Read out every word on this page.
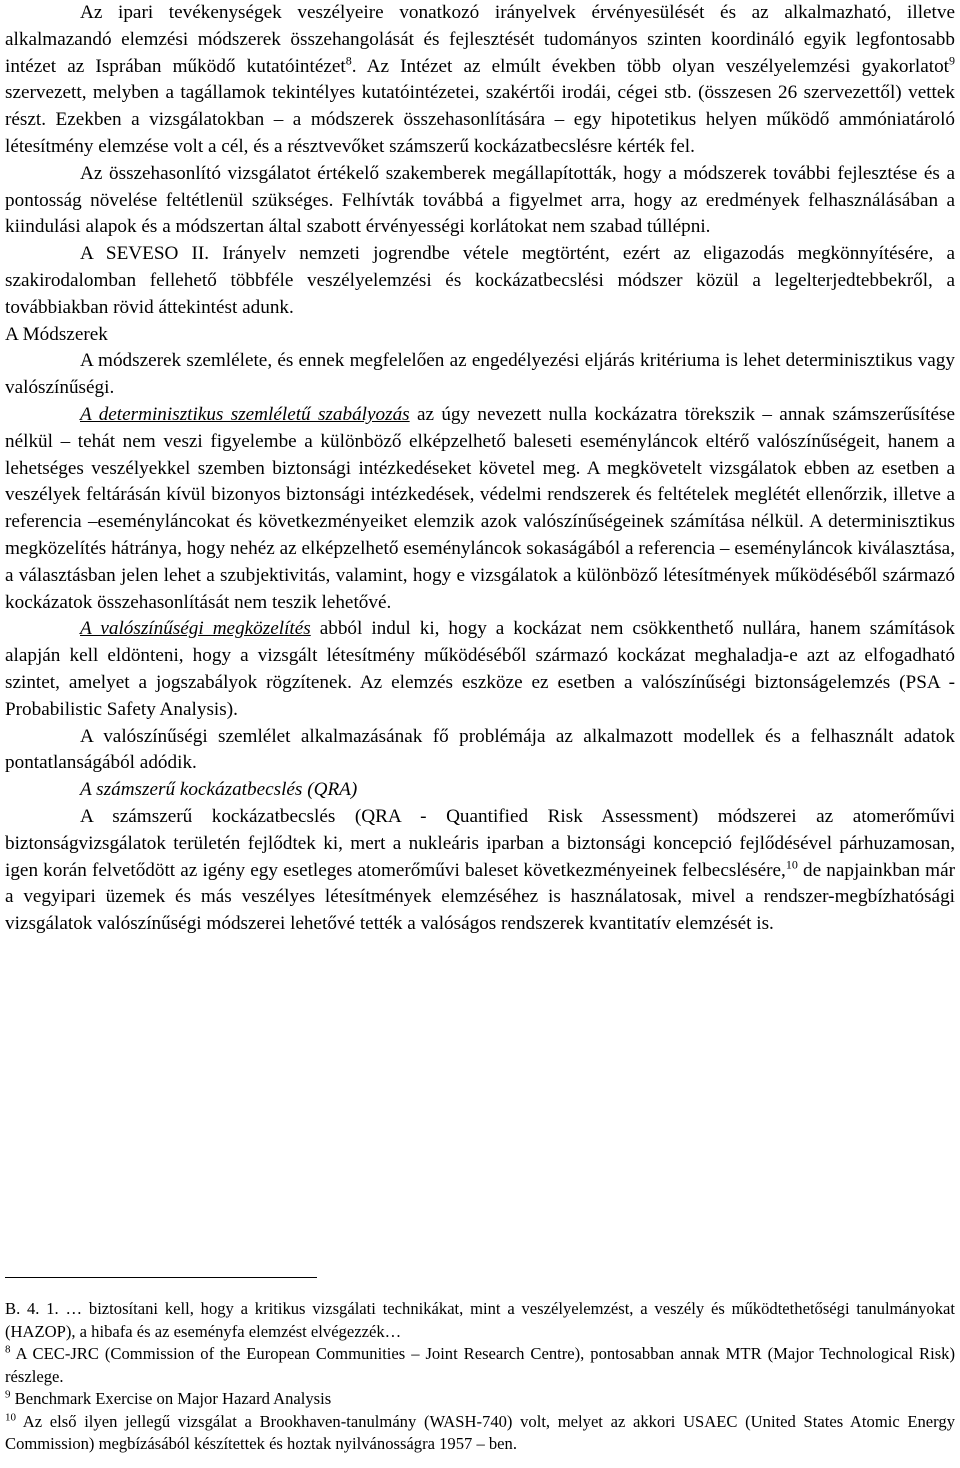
Az ipari tevékenységek veszélyeire vonatkozó irányelvek érvényesülését és az alkalmazható, illetve alkalmazandó elemzési módszerek összehangolását és fejlesztését tudományos szinten koordináló egyik legfontosabb intézet az Isprában működő kutatóintézet$^8$. Az Intézet az elmúlt években több olyan veszélyelemzési gyakorlatot$^9$ szervezett, melyben a tagállamok tekintélyes kutatóintézetei, szakértői irodái, cégei stb. (összesen 26 szervezettől) vettek részt. Ezekben a vizsgálatokban – a módszerek összehasonlítására – egy hipotetikus helyen működő ammóniatároló létesítmény elemzése volt a cél, és a résztvevőket számszerű kockázatbecslésre kérték fel.

Az összehasonlító vizsgálatot értékelő szakemberek megállapították, hogy a módszerek további fejlesztése és a pontosság növelése feltétlenül szükséges. Felhívták továbbá a figyelmet arra, hogy az eredmények felhasználásában a kiindulási alapok és a módszertan által szabott érvényességi korlátokat nem szabad túllépni.

A SEVESO II. Irányelv nemzeti jogrendbe vétele megtörtént, ezért az eligazodás megkönnyítésére, a szakirodalomban fellehető többféle veszélyelemzési és kockázatbecslési módszer közül a legelterjedtebbekről, a továbbiakban rövid áttekintést adunk.

A Módszerek

A módszerek szemlélete, és ennek megfelelően az engedélyezési eljárás kritériuma is lehet determinisztikus vagy valószínűségi.

A determinisztikus szemléletű szabályozás az úgy nevezett nulla kockázatra törekszik – annak számszerűsítése nélkül – tehát nem veszi figyelembe a különböző elképzelhető baleseti eseményláncok eltérő valószínűségeit, hanem a lehetséges veszélyekkel szemben biztonsági intézkedéseket követel meg. A megkövetelt vizsgálatok ebben az esetben a veszélyek feltárásán kívül bizonyos biztonsági intézkedések, védelmi rendszerek és feltételek meglétét ellenőrzik, illetve a referencia –eseményláncokat és következményeiket elemzik azok valószínűségeinek számítása nélkül. A determinisztikus megközelítés hátránya, hogy nehéz az elképzelhető eseményláncok sokaságából a referencia – eseményláncok kiválasztása, a választásban jelen lehet a szubjektivitás, valamint, hogy e vizsgálatok a különböző létesítmények működéséből származó kockázatok összehasonlítását nem teszik lehetővé.

A valószínűségi megközelítés abból indul ki, hogy a kockázat nem csökkenthető nullára, hanem számítások alapján kell eldönteni, hogy a vizsgált létesítmény működéséből származó kockázat meghaladja-e azt az elfogadható szintet, amelyet a jogszabályok rögzítenek. Az elemzés eszköze ez esetben a valószínűségi biztonságelemzés (PSA - Probabilistic Safety Analysis).

A valószínűségi szemlélet alkalmazásának fő problémája az alkalmazott modellek és a felhasznált adatok pontatlanságából adódik.

A számszerű kockázatbecslés (QRA)

A számszerű kockázatbecslés (QRA - Quantified Risk Assessment) módszerei az atomerőművi biztonságvizsgálatok területén fejlődtek ki, mert a nukleáris iparban a biztonsági koncepció fejlődésével párhuzamosan, igen korán felvetődött az igény egy esetleges atomerőművi baleset következményeinek felbecslésére,$^{10}$ de napjainkban már a vegyipari üzemek és más veszélyes létesítmények elemzéséhez is használatosak, mivel a rendszer-megbízhatósági vizsgálatok valószínűségi módszerei lehetővé tették a valóságos rendszerek kvantitatív elemzését is.

B. 4. 1. … biztosítani kell, hogy a kritikus vizsgálati technikákat, mint a veszélyelemzést, a veszély és működtethetőségi tanulmányokat (HAZOP), a hibafa és az eseményfa elemzést elvégezzék…

$^8$ A CEC-JRC (Commission of the European Communities – Joint Research Centre), pontosabban annak MTR (Major Technological Risk) részlege.

$^9$ Benchmark Exercise on Major Hazard Analysis

$^{10}$ Az első ilyen jellegű vizsgálat a Brookhaven-tanulmány (WASH-740) volt, melyet az akkori USAEC (United States Atomic Energy Commission) megbízásából készítettek és hoztak nyilvánosságra 1957 – ben.
